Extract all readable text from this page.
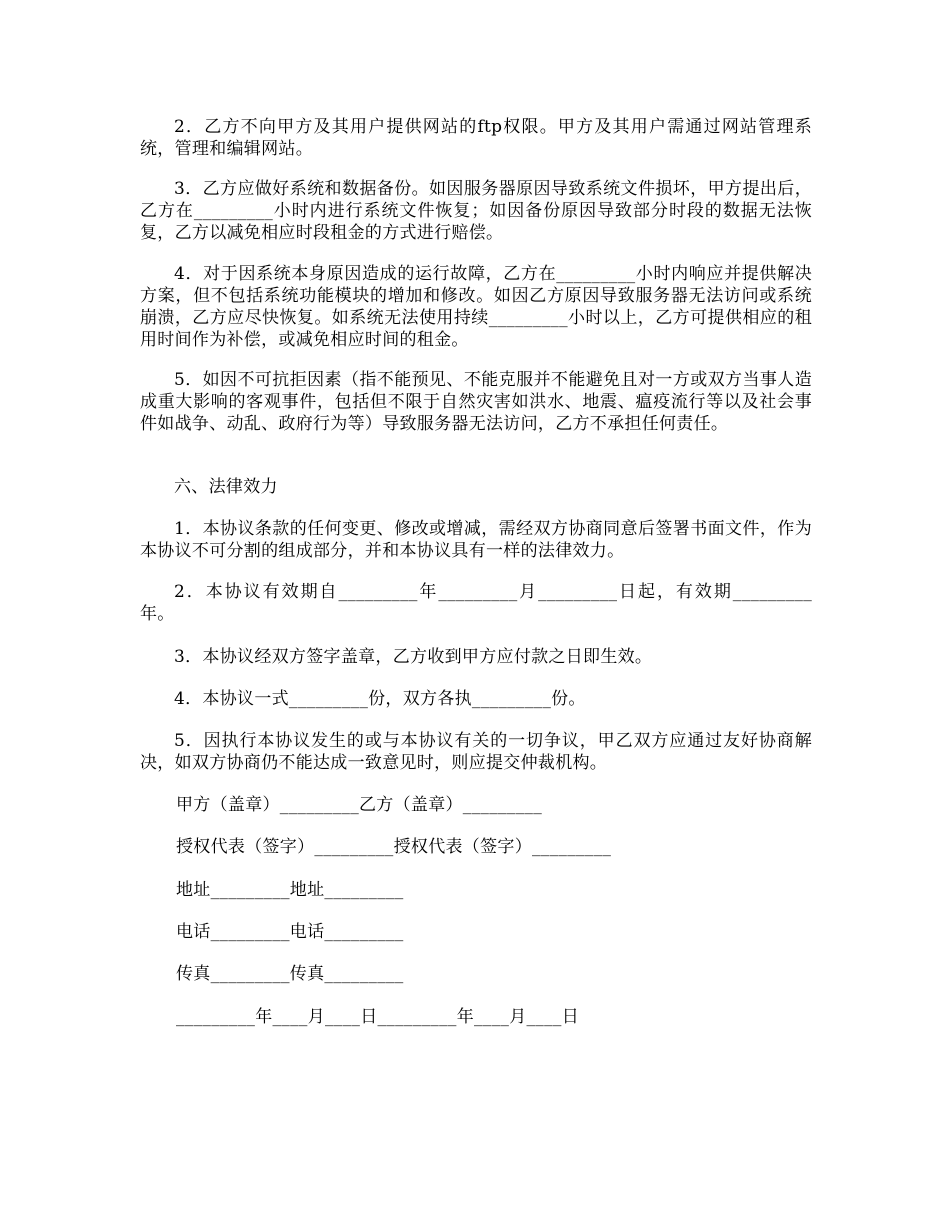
2．乙方不向甲方及其用户提供网站的ftp权限。甲方及其用户需通过网站管理系统，管理和编辑网站。

3．乙方应做好系统和数据备份。如因服务器原因导致系统文件损坏，甲方提出后，乙方在_________小时内进行系统文件恢复；如因备份原因导致部分时段的数据无法恢复，乙方以减免相应时段租金的方式进行赔偿。

4．对于因系统本身原因造成的运行故障，乙方在_________小时内响应并提供解决方案，但不包括系统功能模块的增加和修改。如因乙方原因导致服务器无法访问或系统崩溃，乙方应尽快恢复。如系统无法使用持续_________小时以上，乙方可提供相应的租用时间作为补偿，或减免相应时间的租金。

5．如因不可抗拒因素（指不能预见、不能克服并不能避免且对一方或双方当事人造成重大影响的客观事件，包括但不限于自然灾害如洪水、地震、瘟疫流行等以及社会事件如战争、动乱、政府行为等）导致服务器无法访问，乙方不承担任何责任。

六、法律效力

1．本协议条款的任何变更、修改或增减，需经双方协商同意后签署书面文件，作为本协议不可分割的组成部分，并和本协议具有一样的法律效力。

2．本协议有效期自_________年_________月_________日起，有效期_________年。

3．本协议经双方签字盖章，乙方收到甲方应付款之日即生效。

4．本协议一式_________份，双方各执_________份。

5．因执行本协议发生的或与本协议有关的一切争议，甲乙双方应通过友好协商解决，如双方协商仍不能达成一致意见时，则应提交仲裁机构。

甲方（盖章）_________乙方（盖章）_________

授权代表（签字）_________授权代表（签字）_________

地址_________地址_________

电话_________电话_________

传真_________传真_________

_________年____月____日_________年____月____日
